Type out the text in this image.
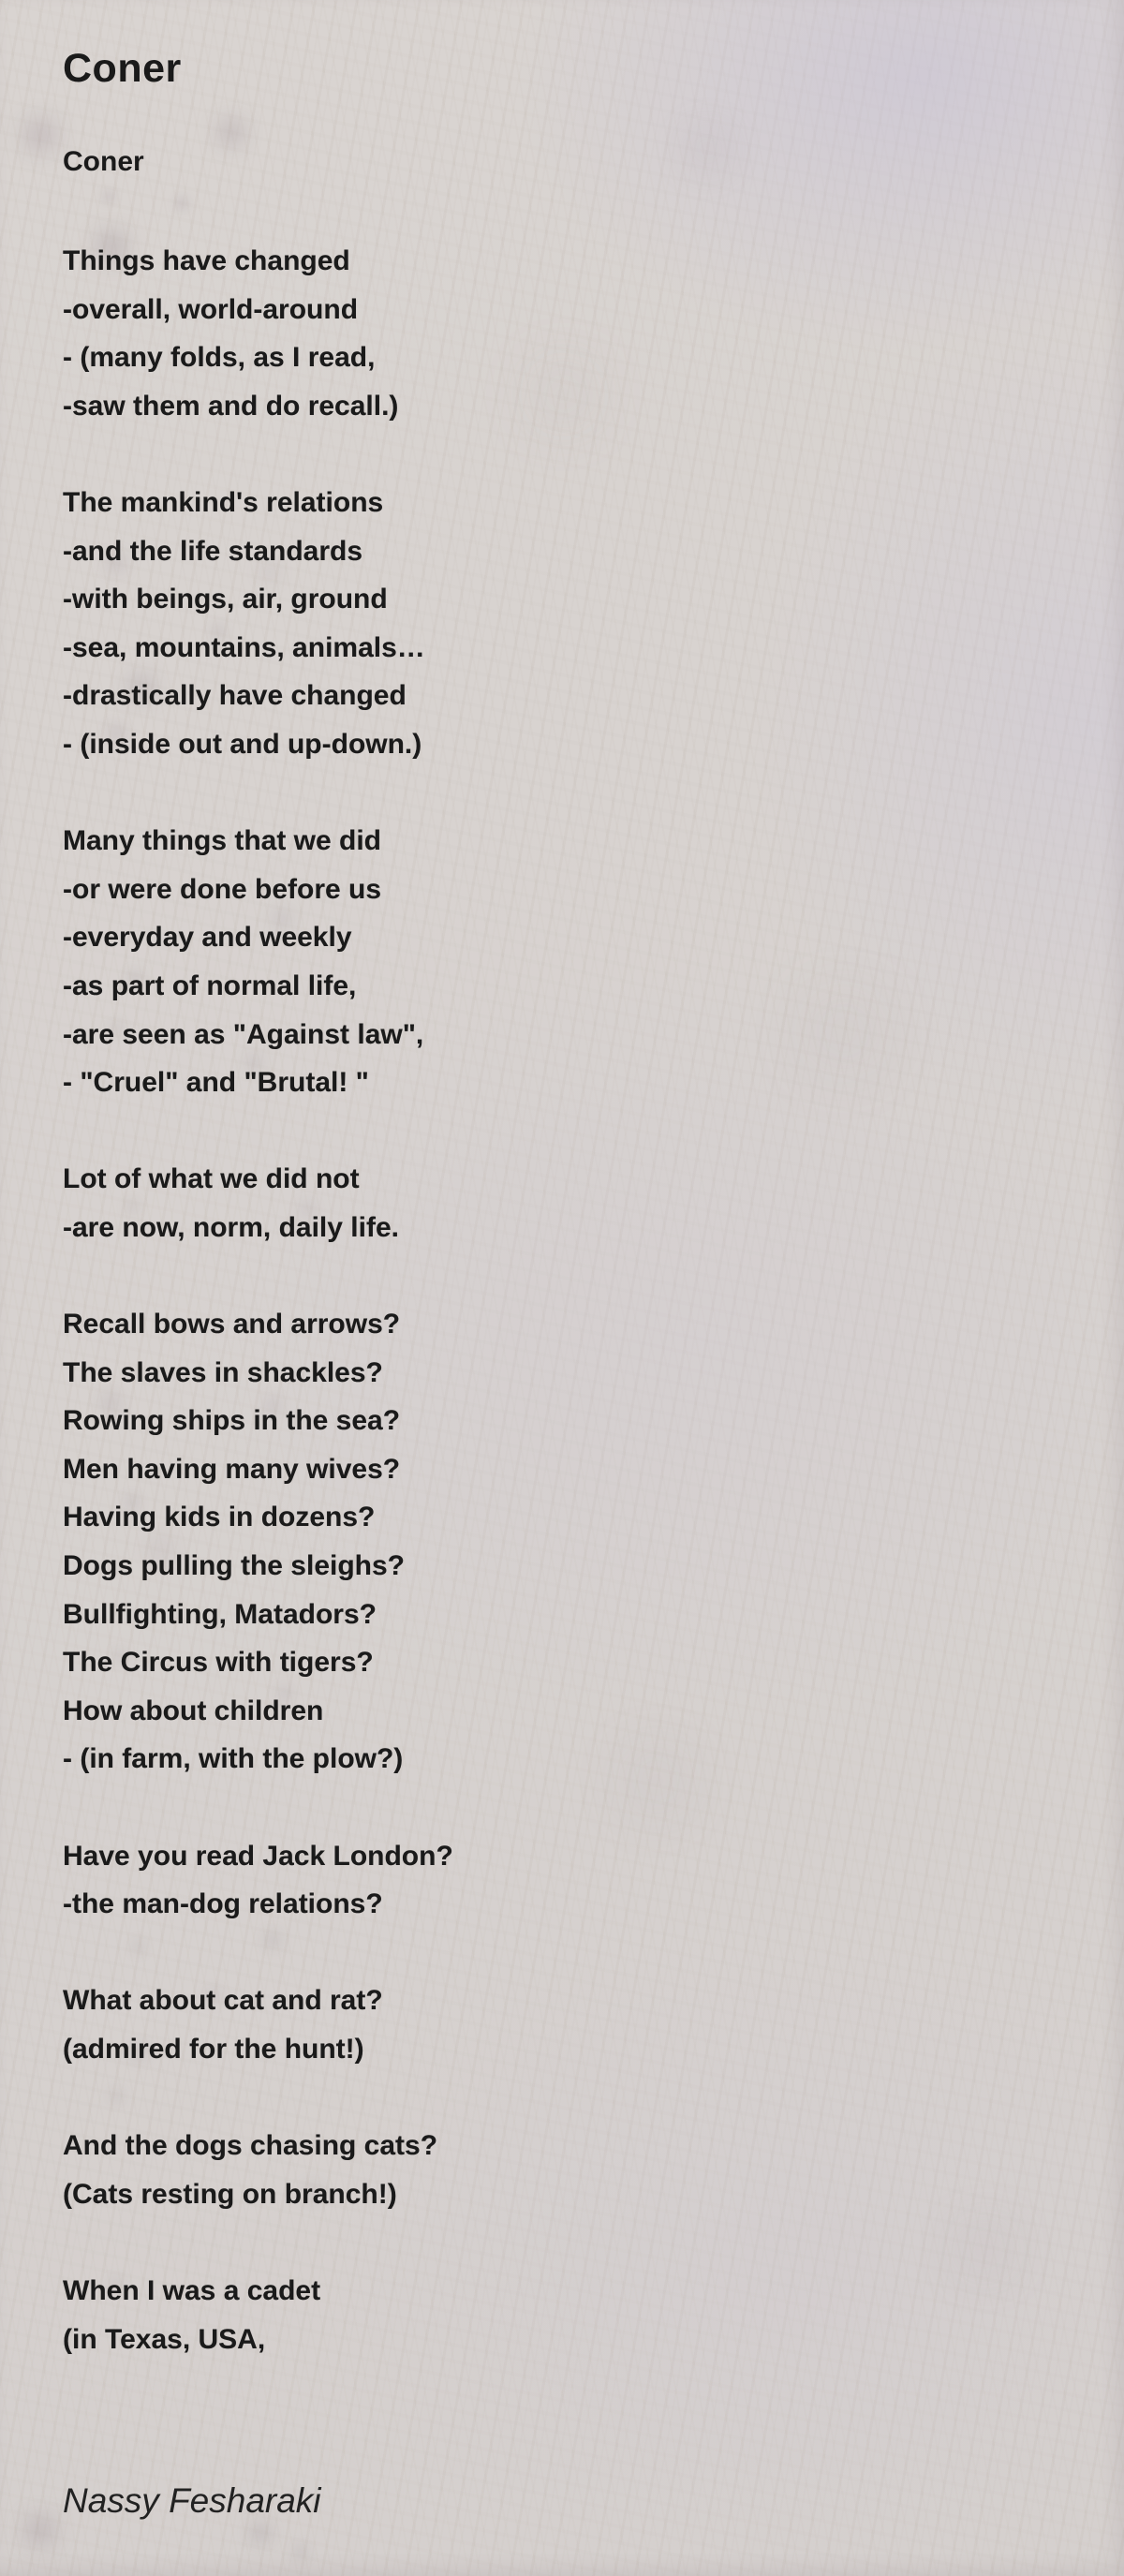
Coner
Coner
Things have changed
-overall, world-around
- (many folds, as I read,
-saw them and do recall.)
The mankind's relations
-and the life standards
-with beings, air, ground
-sea, mountains, animals…
-drastically have changed
- (inside out and up-down.)
Many things that we did
-or were done before us
-everyday and weekly
-as part of normal life,
-are seen as "Against law",
- "Cruel" and "Brutal! "
Lot of what we did not
-are now, norm, daily life.
Recall bows and arrows?
The slaves in shackles?
Rowing ships in the sea?
Men having many wives?
Having kids in dozens?
Dogs pulling the sleighs?
Bullfighting, Matadors?
The Circus with tigers?
How about children
- (in farm, with the plow?)
Have you read Jack London?
-the man-dog relations?
What about cat and rat?
(admired for the hunt!)
And the dogs chasing cats?
(Cats resting on branch!)
When I was a cadet
(in Texas, USA,
Nassy Fesharaki
